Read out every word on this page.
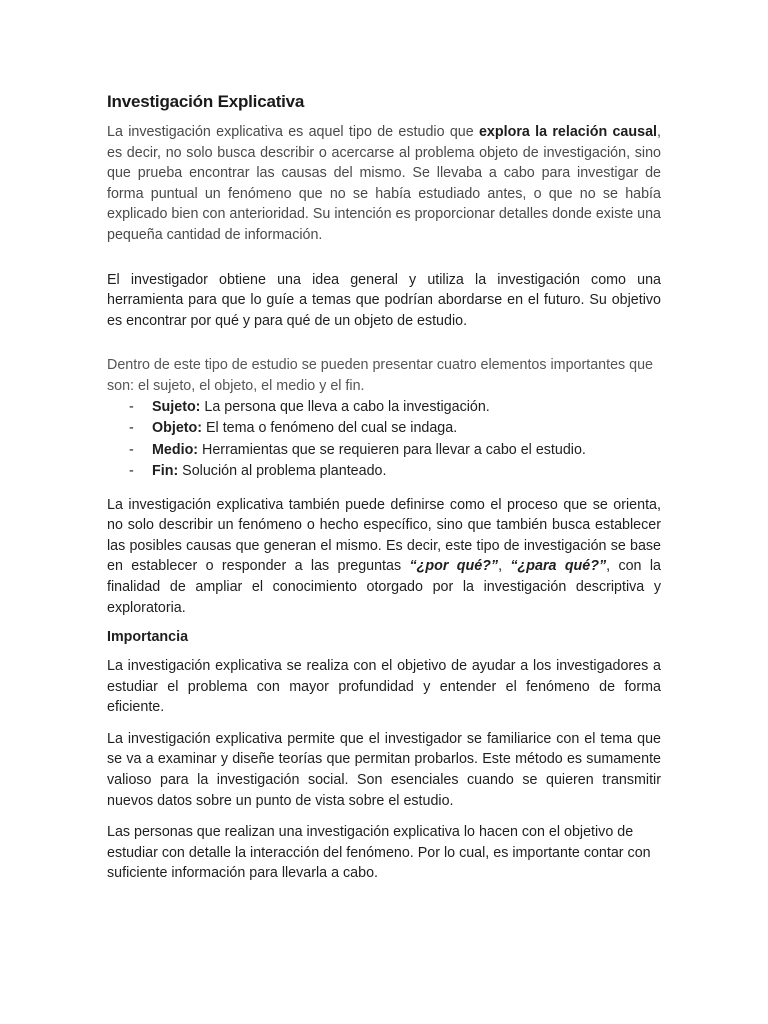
Investigación Explicativa

La investigación explicativa es aquel tipo de estudio que explora la relación causal, es decir, no solo busca describir o acercarse al problema objeto de investigación, sino que prueba encontrar las causas del mismo. Se llevaba a cabo para investigar de forma puntual un fenómeno que no se había estudiado antes, o que no se había explicado bien con anterioridad. Su intención es proporcionar detalles donde existe una pequeña cantidad de información.

El investigador obtiene una idea general y utiliza la investigación como una herramienta para que lo guíe a temas que podrían abordarse en el futuro. Su objetivo es encontrar por qué y para qué de un objeto de estudio.

Dentro de este tipo de estudio se pueden presentar cuatro elementos importantes que son: el sujeto, el objeto, el medio y el fin.

- Sujeto: La persona que lleva a cabo la investigación.
- Objeto: El tema o fenómeno del cual se indaga.
- Medio: Herramientas que se requieren para llevar a cabo el estudio.
- Fin: Solución al problema planteado.

La investigación explicativa también puede definirse como el proceso que se orienta, no solo describir un fenómeno o hecho específico, sino que también busca establecer las posibles causas que generan el mismo. Es decir, este tipo de investigación se base en establecer o responder a las preguntas “¿por qué?”, “¿para qué?”, con la finalidad de ampliar el conocimiento otorgado por la investigación descriptiva y exploratoria.

Importancia

La investigación explicativa se realiza con el objetivo de ayudar a los investigadores a estudiar el problema con mayor profundidad y entender el fenómeno de forma eficiente.

La investigación explicativa permite que el investigador se familiarice con el tema que se va a examinar y diseñe teorías que permitan probarlos. Este método es sumamente valioso para la investigación social. Son esenciales cuando se quieren transmitir nuevos datos sobre un punto de vista sobre el estudio.

Las personas que realizan una investigación explicativa lo hacen con el objetivo de estudiar con detalle la interacción del fenómeno. Por lo cual, es importante contar con suficiente información para llevarla a cabo.
